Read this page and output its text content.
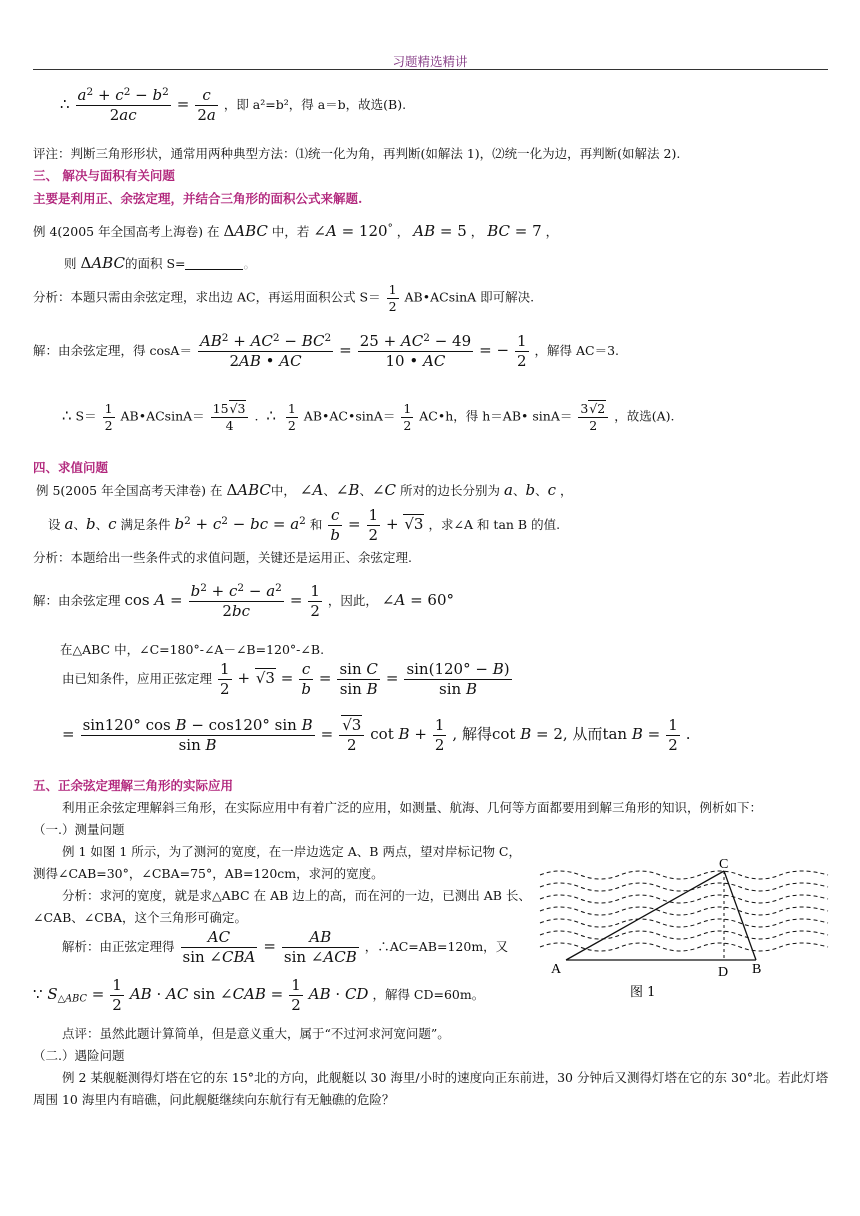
习题精选精讲
∴ $\frac{a^2 + c^2 - b^2}{2ac} = \frac{c}{2a}$ ，即 a²=b²，得 a＝b，故选(B).
评注：判断三角形形状，通常用两种典型方法：⑴统一化为角，再判断(如解法 1)，⑵统一化为边，再判断(如解法 2).
三、 解决与面积有关问题
主要是利用正、余弦定理，并结合三角形的面积公式来解题.
例 4(2005 年全国高考上海卷) 在 ΔABC 中，若 ∠A = 120° ， AB = 5 ， BC = 7 ，
则 ΔABC的面积 S=	。
分析：本题只需由余弦定理，求出边 AC，再运用面积公式 $S= \frac{1}{2}$ AB•ACsinA 即可解决.
解：由余弦定理，得 $\cos A= \frac{AB^2 + AC^2 - BC^2}{2AB • AC} = \frac{25 + AC^2 - 49}{10 • AC}$ = − $\frac{1}{2}$ ，解得 AC＝3.
∴ $S= \frac{1}{2}$ AB•ACsinA＝ $\frac{15√3}{4}$ .  ∴ $\frac{1}{2}$ AB•AC•sinA＝ $\frac{1}{2}$ AC•h，得 h＝AB• $\sin A= \frac{3√2}{2}$ ，故选(A).
四、求值问题
例 5(2005 年全国高考天津卷) 在 ΔABC中， ∠A、∠B、∠C 所对的边长分别为 a、b、c ，
设 a、b、c 满足条件 $b^2 + c^2$ − bc = $a^2$ 和 $\frac{c}{b} = \frac{1}{2} + √3$ ，求∠A 和 tan B 的值.
分析：本题给出一些条件式的求值问题，关键还是运用正、余弦定理.
解：由余弦定理 $\cos A = \frac{b^2 + c^2 - a^2}{2bc} = \frac{1}{2}$ ，因此， ∠A = 60°
在△ABC 中，∠C=180°-∠A－∠B=120°-∠B.
由已知条件，应用正弦定理 $\frac{1}{2} + √3 = \frac{c}{b} = \frac{\text{sin C}}{\text{sin B}} = \frac{\sin(120^\circ - B)}{\text{sin B}}$
= $\frac{\text{sin120° cos B − cos120° sin B}}{\text{sin B}} = \frac{√3}{2}$ $\cot B + \frac{1}{2}$ , 解得cot B = 2, 从而$\tan B = \frac{1}{2}$ .
五、正余弦定理解三角形的实际应用
利用正余弦定理解斜三角形，在实际应用中有着广泛的应用，如测量、航海、几何等方面都要用到解三角形的知识，例析如下：
（一.）测量问题
例 1 如图 1 所示，为了测河的宽度，在一岸边选定 A、B 两点，望对岸标记物 C，
测得∠CAB=30°，∠CBA=75°，AB=120cm，求河的宽度。
分析：求河的宽度，就是求△ABC 在 AB 边上的高，而在河的一边，已测出 AB 长、
∠CAB、∠CBA，这个三角形可确定。
解析：由正弦定理得 $\frac{AC}{\text{sin ∠CBA}} = \frac{AB}{\text{sin ∠ACB}}$ ，∴AC=AB=120m，又
∵ $S_{\triangle ABC} = \frac{1}{2}$ AB · AC sin ∠CAB = $\frac{1}{2}$ AB · CD ，解得 CD=60m。
点评：虽然此题计算简单，但是意义重大，属于“不过河求河宽问题”。
（二.）遇险问题
例 2 某舰艇测得灯塔在它的东 15°北的方向，此舰艇以 30 海里/小时的速度向正东前进，30 分钟后又测得灯塔在它的东 30°北。若此灯塔
周围 10 海里内有暗礁，问此舰艇继续向东航行有无触礁的危险？
C
A	D B
图 1
